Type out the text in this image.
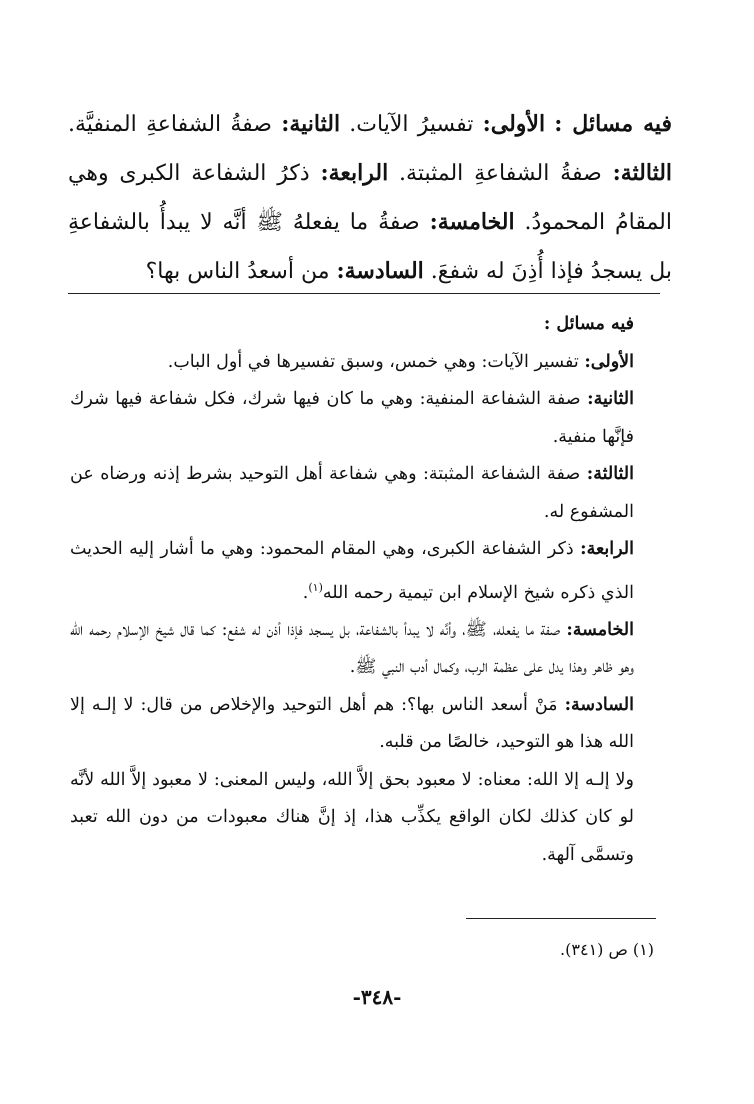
فيه مسائل : الأولى: تفسيرُ الآيات. الثانية: صفةُ الشفاعةِ المنفيَّة. الثالثة: صفةُ الشفاعةِ المثبتة. الرابعة: ذكرُ الشفاعة الكبرى وهي المقامُ المحمودُ. الخامسة: صفةُ ما يفعلهُ ﷺ أنَّه لا يبدأُ بالشفاعةِ بل يسجدُ فإذا أُذِنَ له شفعَ. السادسة: من أسعدُ الناس بها؟

فيه مسائل :

الأولى: تفسير الآيات: وهي خمس، وسبق تفسيرها في أول الباب.

الثانية: صفة الشفاعة المنفية: وهي ما كان فيها شرك، فكل شفاعة فيها شرك فإنَّها منفية.

الثالثة: صفة الشفاعة المثبتة: وهي شفاعة أهل التوحيد بشرط إذنه ورضاه عن المشفوع له.

الرابعة: ذكر الشفاعة الكبرى، وهي المقام المحمود: وهي ما أشار إليه الحديث الذي ذكره شيخ الإسلام ابن تيمية رحمه الله$^{(١)}$.

الخامسة: صفة ما يفعله، ﷺ، وأنَّه لا يبدأ بالشفاعة، بل يسجد فإذا أذن له شفع: كما قال شيخ الإسلام رحمه الله وهو ظاهر وهذا يدل على عظمة الرب، وكمال أدب النبي ﷺ.

السادسة: مَنْ أسعد الناس بها؟: هم أهل التوحيد والإخلاص من قال: لا إلـه إلا الله هذا هو التوحيد، خالصًا من قلبه.

ولا إلـه إلا الله: معناه: لا معبود بحق إلاَّ الله، وليس المعنى: لا معبود إلاَّ الله لأنَّه لو كان كذلك لكان الواقع يكذِّب هذا، إذ إنَّ هناك معبودات من دون الله تعبد وتسمَّى آلهة.

(١) ص (٣٤١).
-٣٤٨-
